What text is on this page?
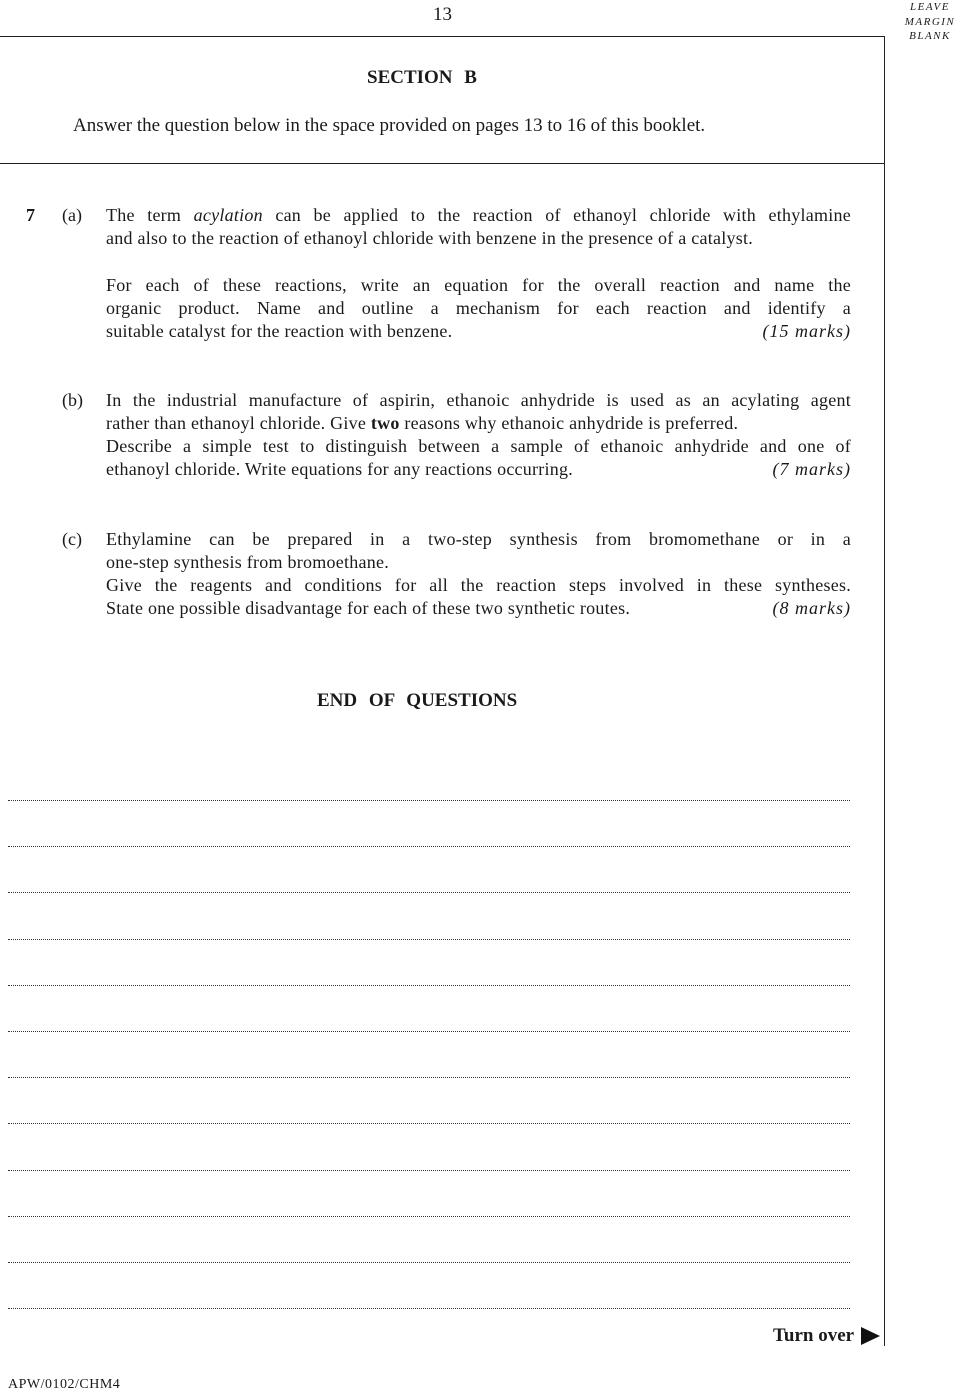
13	LEAVE
MARGIN
BLANK
SECTION B
Answer the question below in the space provided on pages 13 to 16 of this booklet.
7 (a) The term acylation can be applied to the reaction of ethanoyl chloride with ethylamine
and also to the reaction of ethanoyl chloride with benzene in the presence of a catalyst.
For each of these reactions, write an equation for the overall reaction and name the
organic product. Name and outline a mechanism for each reaction and identify a
suitable catalyst for the reaction with benzene.	(15 marks)
(b) In the industrial manufacture of aspirin, ethanoic anhydride is used as an acylating agent
rather than ethanoyl chloride. Give two reasons why ethanoic anhydride is preferred.
Describe a simple test to distinguish between a sample of ethanoic anhydride and one of
ethanoyl chloride. Write equations for any reactions occurring.	(7 marks)
(c) Ethylamine can be prepared in a two-step synthesis from bromomethane or in a
one-step synthesis from bromoethane.
Give the reagents and conditions for all the reaction steps involved in these syntheses.
State one possible disadvantage for each of these two synthetic routes.	(8 marks)
END OF QUESTIONS
Turn over
APW/0102/CHM4
